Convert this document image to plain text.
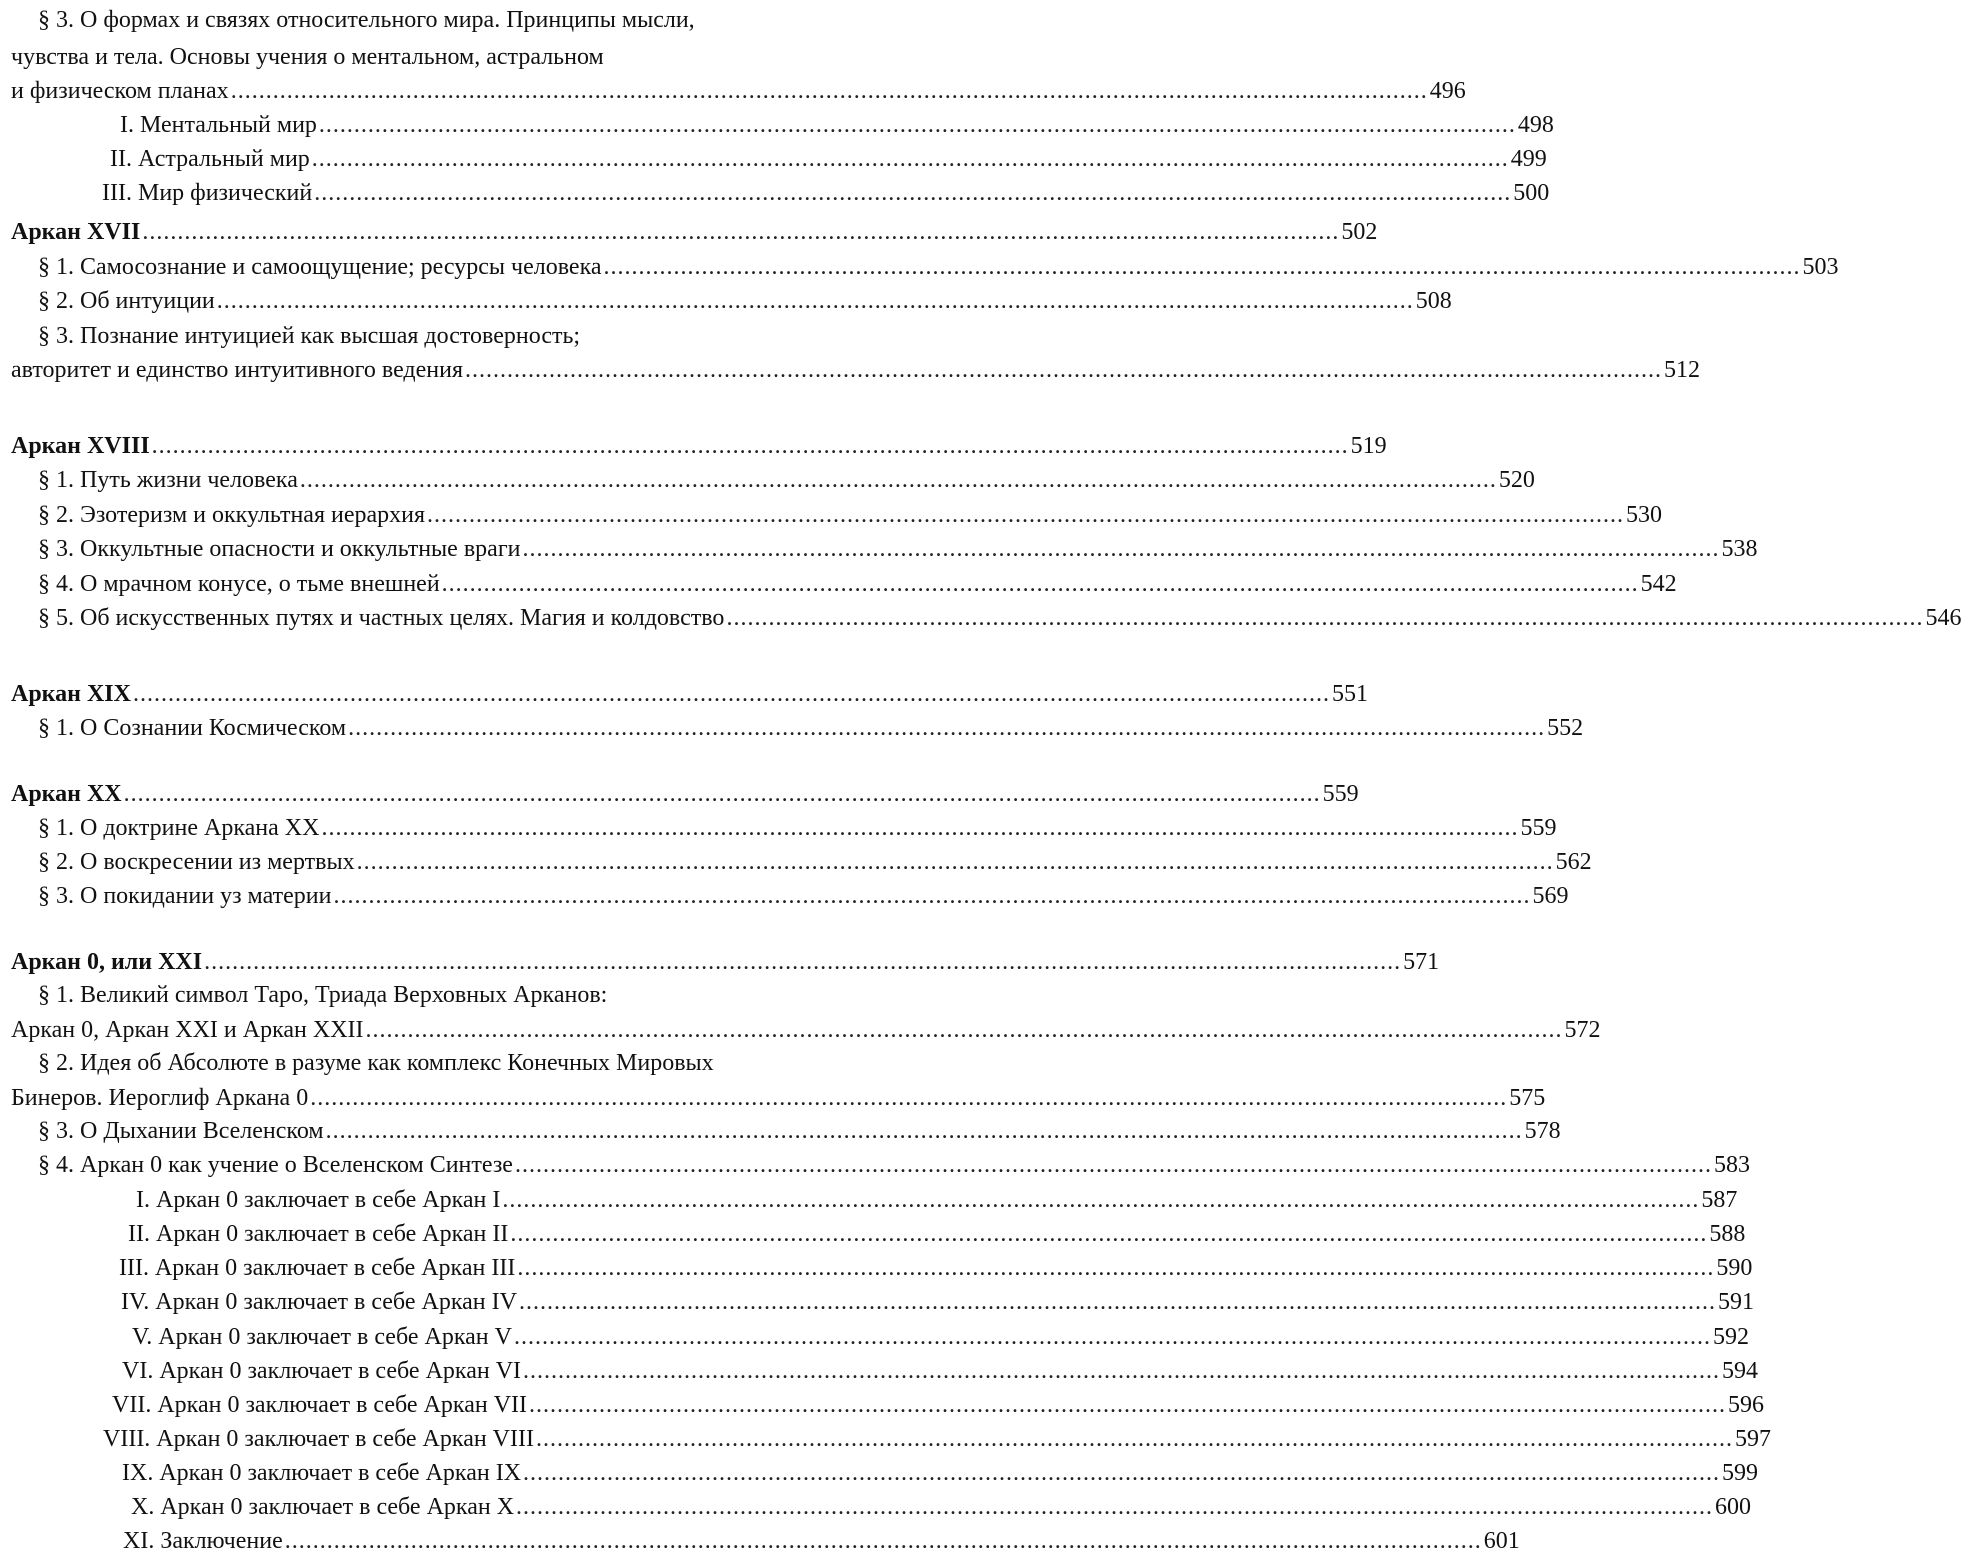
§ 3. О формах и связях относительного мира. Принципы мысли,
чувства и тела. Основы учения о ментальном, астральном
и физическом планах ........................................................................................................................................................................... 496
I. Ментальный мир ........................................................................................................................................................................... 498
II. Астральный мир ........................................................................................................................................................................... 499
III. Мир физический ........................................................................................................................................................................... 500
Аркан XVII ........................................................................................................................................................................... 502
§ 1. Самосознание и самоощущение; ресурсы человека ........................................................................................................................................................................... 503
§ 2. Об интуиции ........................................................................................................................................................................... 508
§ 3. Познание интуицией как высшая достоверность;
авторитет и единство интуитивного ведения ........................................................................................................................................................................... 512
Аркан XVIII ........................................................................................................................................................................... 519
§ 1. Путь жизни человека ........................................................................................................................................................................... 520
§ 2. Эзотеризм и оккультная иерархия ........................................................................................................................................................................... 530
§ 3. Оккультные опасности и оккультные враги ........................................................................................................................................................................... 538
§ 4. О мрачном конусе, о тьме внешней ........................................................................................................................................................................... 542
§ 5. Об искусственных путях и частных целях. Магия и колдовство ........................................................................................................................................................................... 546
Аркан XIX ........................................................................................................................................................................... 551
§ 1. О Сознании Космическом ........................................................................................................................................................................... 552
Аркан XX ........................................................................................................................................................................... 559
§ 1. О доктрине Аркана XX ........................................................................................................................................................................... 559
§ 2. О воскресении из мертвых ........................................................................................................................................................................... 562
§ 3. О покидании уз материи ........................................................................................................................................................................... 569
Аркан 0, или XXI ........................................................................................................................................................................... 571
§ 1. Великий символ Таро, Триада Верховных Арканов:
Аркан 0, Аркан XXI и Аркан XXII ........................................................................................................................................................................... 572
§ 2. Идея об Абсолюте в разуме как комплекс Конечных Мировых
Бинеров. Иероглиф Аркана 0 ........................................................................................................................................................................... 575
§ 3. О Дыхании Вселенском ........................................................................................................................................................................... 578
§ 4. Аркан 0 как учение о Вселенском Синтезе ........................................................................................................................................................................... 583
I. Аркан 0 заключает в себе Аркан I ........................................................................................................................................................................... 587
II. Аркан 0 заключает в себе Аркан II ........................................................................................................................................................................... 588
III. Аркан 0 заключает в себе Аркан III ........................................................................................................................................................................... 590
IV. Аркан 0 заключает в себе Аркан IV ........................................................................................................................................................................... 591
V. Аркан 0 заключает в себе Аркан V ........................................................................................................................................................................... 592
VI. Аркан 0 заключает в себе Аркан VI ........................................................................................................................................................................... 594
VII. Аркан 0 заключает в себе Аркан VII ........................................................................................................................................................................... 596
VIII. Аркан 0 заключает в себе Аркан VIII ........................................................................................................................................................................... 597
IX. Аркан 0 заключает в себе Аркан IX ........................................................................................................................................................................... 599
X. Аркан 0 заключает в себе Аркан X ........................................................................................................................................................................... 600
XI. Заключение ........................................................................................................................................................................... 601
